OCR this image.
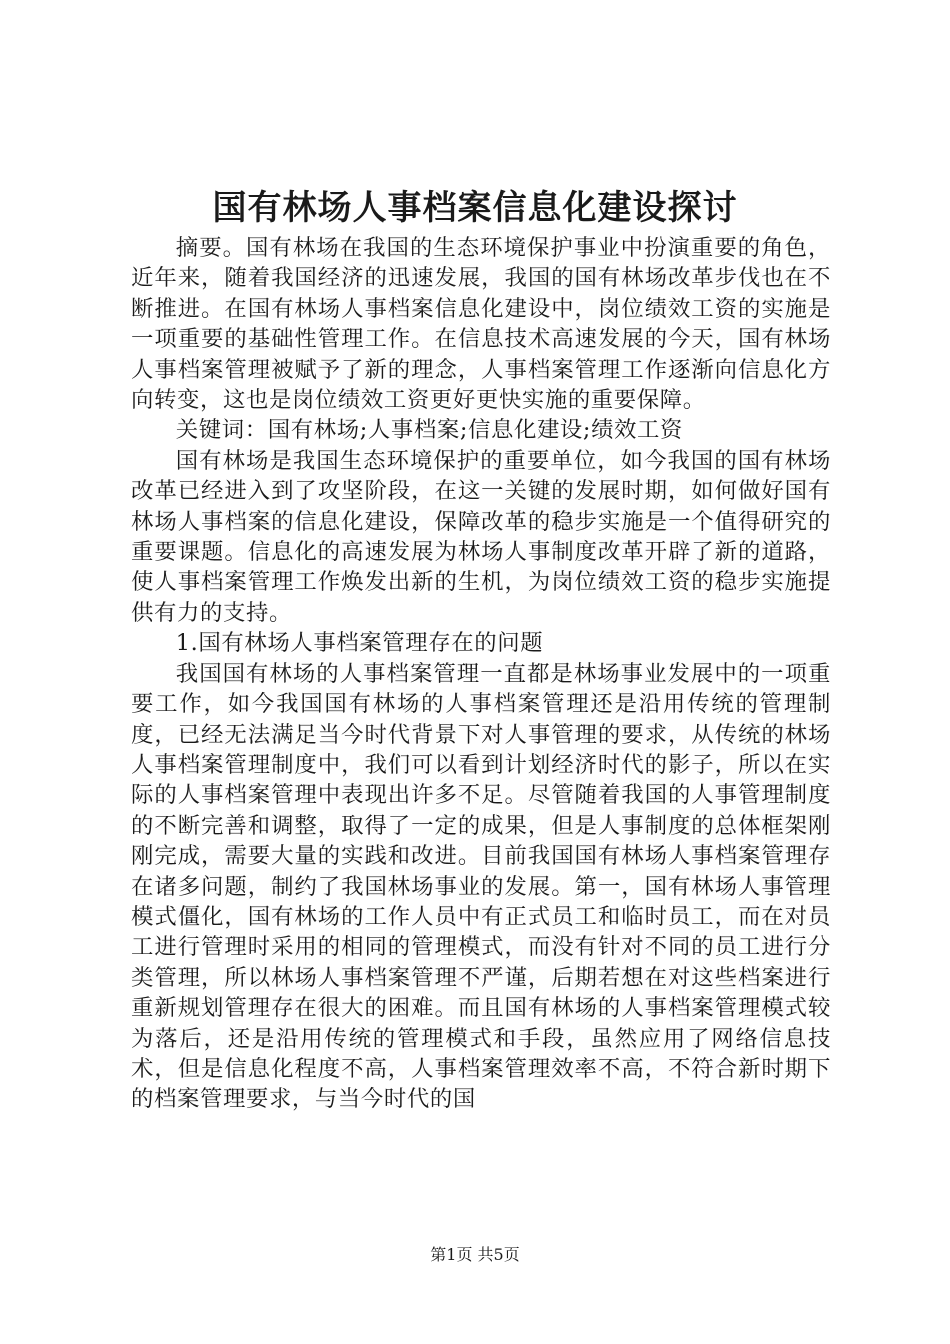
国有林场人事档案信息化建设探讨

摘要。国有林场在我国的生态环境保护事业中扮演重要的角色，近年来，随着我国经济的迅速发展，我国的国有林场改革步伐也在不断推进。在国有林场人事档案信息化建设中，岗位绩效工资的实施是一项重要的基础性管理工作。在信息技术高速发展的今天，国有林场人事档案管理被赋予了新的理念，人事档案管理工作逐渐向信息化方向转变，这也是岗位绩效工资更好更快实施的重要保障。

关键词：国有林场;人事档案;信息化建设;绩效工资

国有林场是我国生态环境保护的重要单位，如今我国的国有林场改革已经进入到了攻坚阶段，在这一关键的发展时期，如何做好国有林场人事档案的信息化建设，保障改革的稳步实施是一个值得研究的重要课题。信息化的高速发展为林场人事制度改革开辟了新的道路，使人事档案管理工作焕发出新的生机，为岗位绩效工资的稳步实施提供有力的支持。

1.国有林场人事档案管理存在的问题

我国国有林场的人事档案管理一直都是林场事业发展中的一项重要工作，如今我国国有林场的人事档案管理还是沿用传统的管理制度，已经无法满足当今时代背景下对人事管理的要求，从传统的林场人事档案管理制度中，我们可以看到计划经济时代的影子，所以在实际的人事档案管理中表现出许多不足。尽管随着我国的人事管理制度的不断完善和调整，取得了一定的成果，但是人事制度的总体框架刚刚完成，需要大量的实践和改进。目前我国国有林场人事档案管理存在诸多问题，制约了我国林场事业的发展。第一，国有林场人事管理模式僵化，国有林场的工作人员中有正式员工和临时员工，而在对员工进行管理时采用的相同的管理模式，而没有针对不同的员工进行分类管理，所以林场人事档案管理不严谨，后期若想在对这些档案进行重新规划管理存在很大的困难。而且国有林场的人事档案管理模式较为落后，还是沿用传统的管理模式和手段，虽然应用了网络信息技术，但是信息化程度不高，人事档案管理效率不高，不符合新时期下的档案管理要求，与当今时代的国

第1页 共5页
